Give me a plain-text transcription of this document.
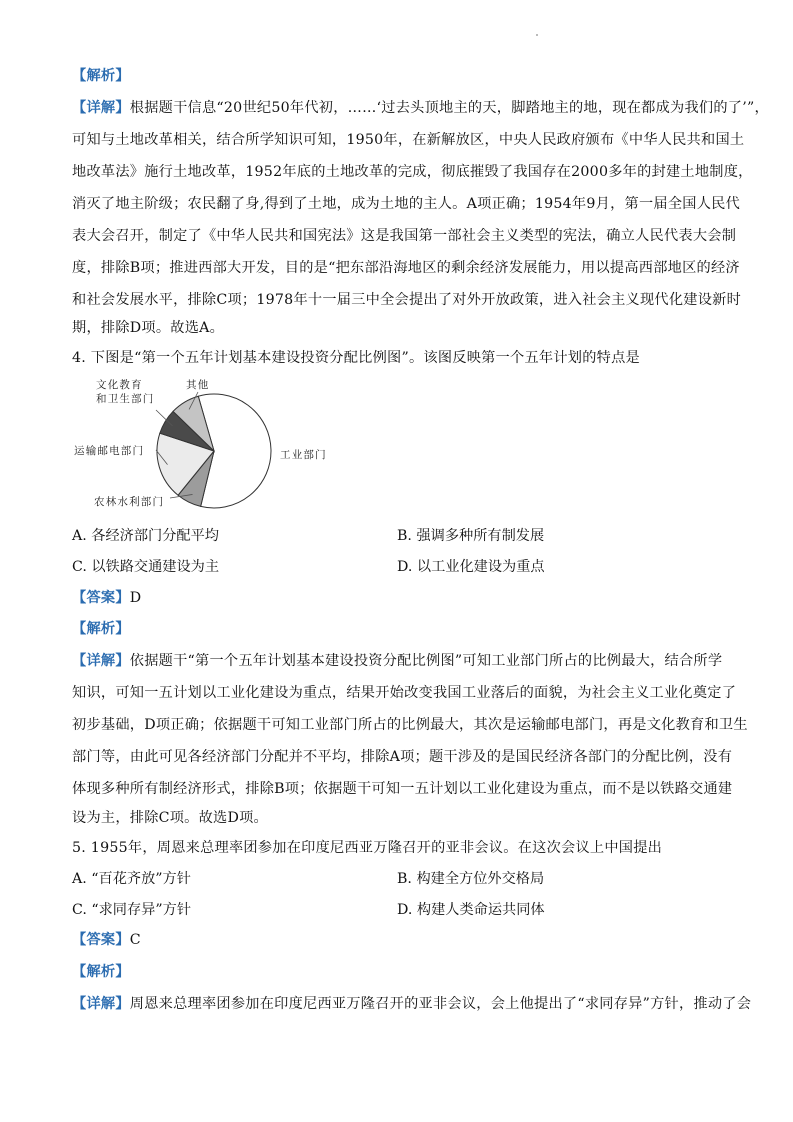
【解析】
【详解】根据题干信息“20世纪50年代初，……‘过去头顶地主的天，脚踏地主的地，现在都成为我们的了’”，
可知与土地改革相关，结合所学知识可知，1950年，在新解放区，中央人民政府颁布《中华人民共和国土
地改革法》施行土地改革，1952年底的土地改革的完成，彻底摧毁了我国存在2000多年的封建土地制度，
消灭了地主阶级；农民翻了身,得到了土地，成为土地的主人。A项正确；1954年9月，第一届全国人民代
表大会召开，制定了《中华人民共和国宪法》这是我国第一部社会主义类型的宪法，确立人民代表大会制
度，排除B项；推进西部大开发，目的是“把东部沿海地区的剩余经济发展能力，用以提高西部地区的经济
和社会发展水平，排除C项；1978年十一届三中全会提出了对外开放政策，进入社会主义现代化建设新时
期，排除D项。故选A。
4. 下图是“第一个五年计划基本建设投资分配比例图”。该图反映第一个五年计划的特点是
工业部门
农林水利部门
运输邮电部门
文化教育和卫生部门
其他
A. 各经济部门分配平均	B. 强调多种所有制发展
C. 以铁路交通建设为主	D. 以工业化建设为重点
【答案】D
【解析】
【详解】依据题干“第一个五年计划基本建设投资分配比例图”可知工业部门所占的比例最大，结合所学
知识，可知一五计划以工业化建设为重点，结果开始改变我国工业落后的面貌，为社会主义工业化奠定了
初步基础，D项正确；依据题干可知工业部门所占的比例最大，其次是运输邮电部门，再是文化教育和卫生
部门等，由此可见各经济部门分配并不平均，排除A项；题干涉及的是国民经济各部门的分配比例，没有
体现多种所有制经济形式，排除B项；依据题干可知一五计划以工业化建设为重点，而不是以铁路交通建
设为主，排除C项。故选D项。
5. 1955年，周恩来总理率团参加在印度尼西亚万隆召开的亚非会议。在这次会议上中国提出
A. “百花齐放”方针	B. 构建全方位外交格局
C. “求同存异”方针	D. 构建人类命运共同体
【答案】C
【解析】
【详解】周恩来总理率团参加在印度尼西亚万隆召开的亚非会议，会上他提出了“求同存异”方针，推动了会
